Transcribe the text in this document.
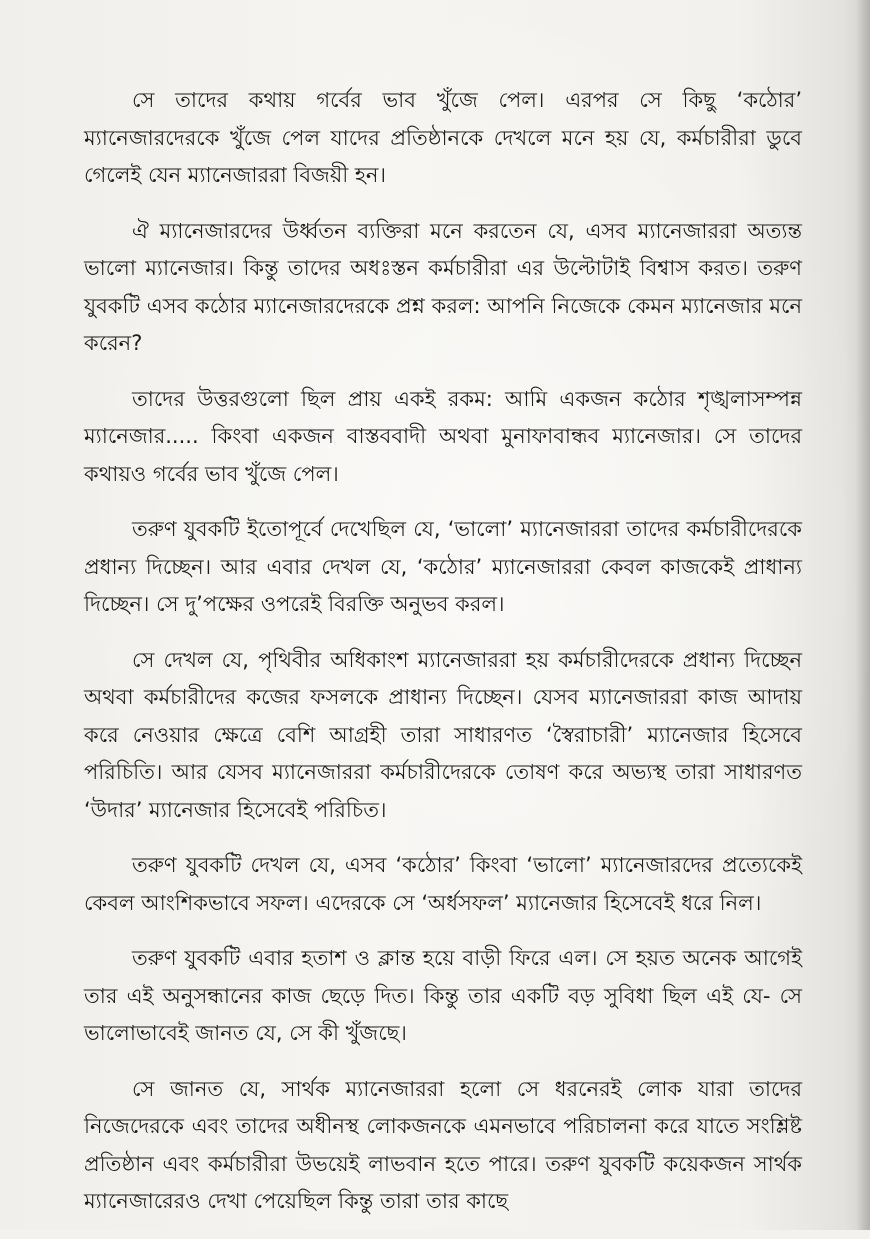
সে তাদের কথায় গর্বের ভাব খুঁজে পেল। এরপর সে কিছু ‘কঠোর’ ম্যানেজারদেরকে খুঁজে পেল যাদের প্রতিষ্ঠানকে দেখলে মনে হয় যে, কর্মচারীরা ডুবে গেলেই যেন ম্যানেজাররা বিজয়ী হন।

ঐ ম্যানেজারদের উর্ধ্বতন ব্যক্তিরা মনে করতেন যে, এসব ম্যানেজাররা অত্যন্ত ভালো ম্যানেজার। কিন্তু তাদের অধঃস্তন কর্মচারীরা এর উল্টোটাই বিশ্বাস করত। তরুণ যুবকটি এসব কঠোর ম্যানেজারদেরকে প্রশ্ন করল: আপনি নিজেকে কেমন ম্যানেজার মনে করেন?

তাদের উত্তরগুলো ছিল প্রায় একই রকম: আমি একজন কঠোর শৃঙ্খলাসম্পন্ন ম্যানেজার..... কিংবা একজন বাস্তববাদী অথবা মুনাফাবান্ধব ম্যানেজার। সে তাদের কথায়ও গর্বের ভাব খুঁজে পেল।

তরুণ যুবকটি ইতোপূর্বে দেখেছিল যে, ‘ভালো’ ম্যানেজাররা তাদের কর্মচারীদেরকে প্রধান্য দিচ্ছেন। আর এবার দেখল যে, ‘কঠোর’ ম্যানেজাররা কেবল কাজকেই প্রাধান্য দিচ্ছেন। সে দু’পক্ষের ওপরেই বিরক্তি অনুভব করল।

সে দেখল যে, পৃথিবীর অধিকাংশ ম্যানেজাররা হয় কর্মচারীদেরকে প্রধান্য দিচ্ছেন অথবা কর্মচারীদের কজের ফসলকে প্রাধান্য দিচ্ছেন। যেসব ম্যানেজাররা কাজ আদায় করে নেওয়ার ক্ষেত্রে বেশি আগ্রহী তারা সাধারণত ‘স্বৈরাচারী’ ম্যানেজার হিসেবে পরিচিতি। আর যেসব ম্যানেজাররা কর্মচারীদেরকে তোষণ করে অভ্যস্থ তারা সাধারণত ‘উদার’ ম্যানেজার হিসেবেই পরিচিত।

তরুণ যুবকটি দেখল যে, এসব ‘কঠোর’ কিংবা ‘ভালো’ ম্যানেজারদের প্রত্যেকেই কেবল আংশিকভাবে সফল। এদেরকে সে ‘অর্ধসফল’ ম্যানেজার হিসেবেই ধরে নিল।

তরুণ যুবকটি এবার হতাশ ও ক্লান্ত হয়ে বাড়ী ফিরে এল। সে হয়ত অনেক আগেই তার এই অনুসন্ধানের কাজ ছেড়ে দিত। কিন্তু তার একটি বড় সুবিধা ছিল এই যে- সে ভালোভাবেই জানত যে, সে কী খুঁজছে।

সে জানত যে, সার্থক ম্যানেজাররা হলো সে ধরনেরই লোক যারা তাদের নিজেদেরকে এবং তাদের অধীনস্থ লোকজনকে এমনভাবে পরিচালনা করে যাতে সংশ্লিষ্ট প্রতিষ্ঠান এবং কর্মচারীরা উভয়েই লাভবান হতে পারে। তরুণ যুবকটি কয়েকজন সার্থক ম্যানেজারেরও দেখা পেয়েছিল কিন্তু তারা তার কাছে
